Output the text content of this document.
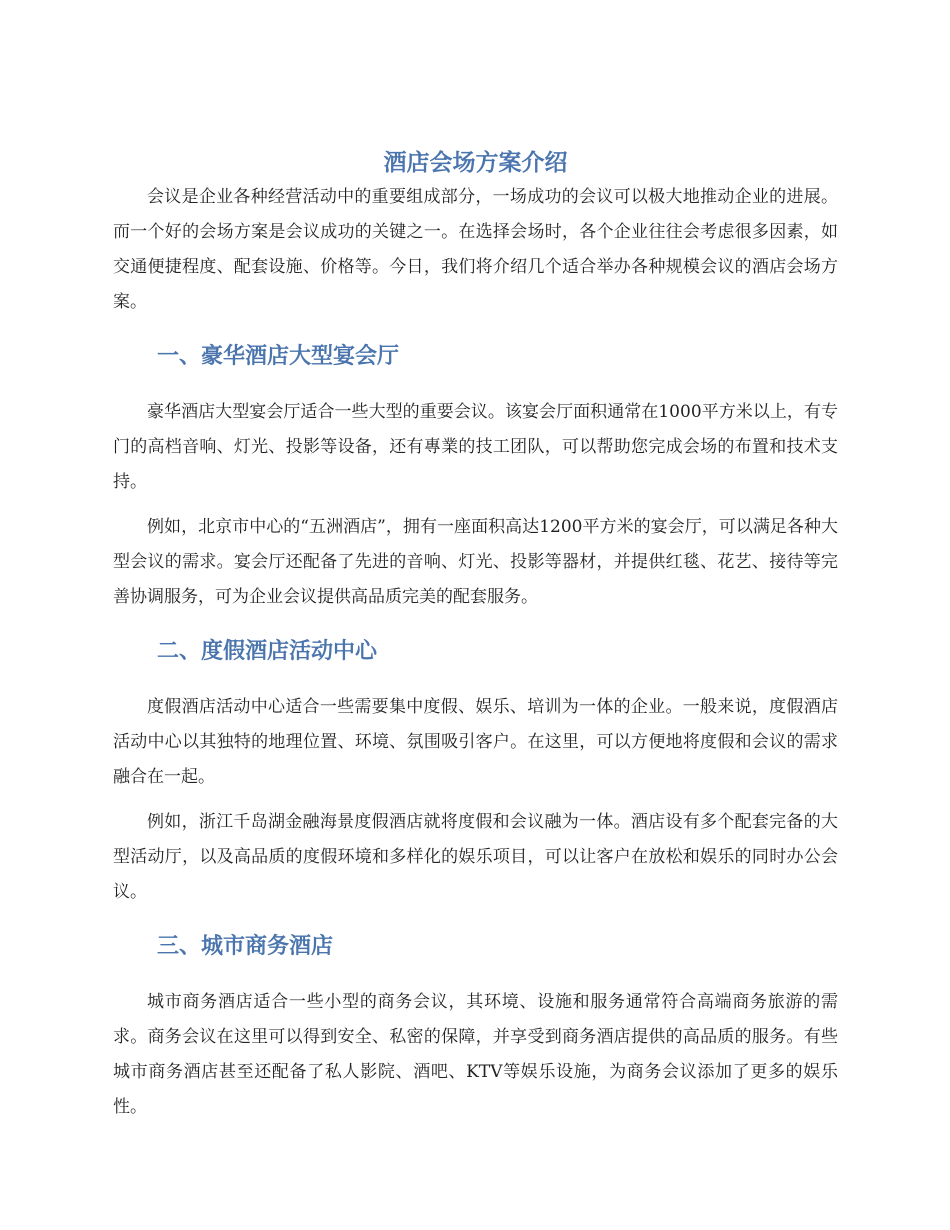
酒店会场方案介绍

会议是企业各种经营活动中的重要组成部分，一场成功的会议可以极大地推动企业的进展。而一个好的会场方案是会议成功的关键之一。在选择会场时，各个企业往往会考虑很多因素，如交通便捷程度、配套设施、价格等。今日，我们将介绍几个适合举办各种规模会议的酒店会场方案。

一、豪华酒店大型宴会厅

豪华酒店大型宴会厅适合一些大型的重要会议。该宴会厅面积通常在1000平方米以上，有专门的高档音响、灯光、投影等设备，还有專業的技工团队，可以帮助您完成会场的布置和技术支持。

例如，北京市中心的“五洲酒店”，拥有一座面积高达1200平方米的宴会厅，可以满足各种大型会议的需求。宴会厅还配备了先进的音响、灯光、投影等器材，并提供红毯、花艺、接待等完善协调服务，可为企业会议提供高品质完美的配套服务。

二、度假酒店活动中心

度假酒店活动中心适合一些需要集中度假、娱乐、培训为一体的企业。一般来说，度假酒店活动中心以其独特的地理位置、环境、氛围吸引客户。在这里，可以方便地将度假和会议的需求融合在一起。

例如，浙江千岛湖金融海景度假酒店就将度假和会议融为一体。酒店设有多个配套完备的大型活动厅，以及高品质的度假环境和多样化的娱乐项目，可以让客户在放松和娱乐的同时办公会议。

三、城市商务酒店

城市商务酒店适合一些小型的商务会议，其环境、设施和服务通常符合高端商务旅游的需求。商务会议在这里可以得到安全、私密的保障，并享受到商务酒店提供的高品质的服务。有些城市商务酒店甚至还配备了私人影院、酒吧、KTV等娱乐设施，为商务会议添加了更多的娱乐性。
